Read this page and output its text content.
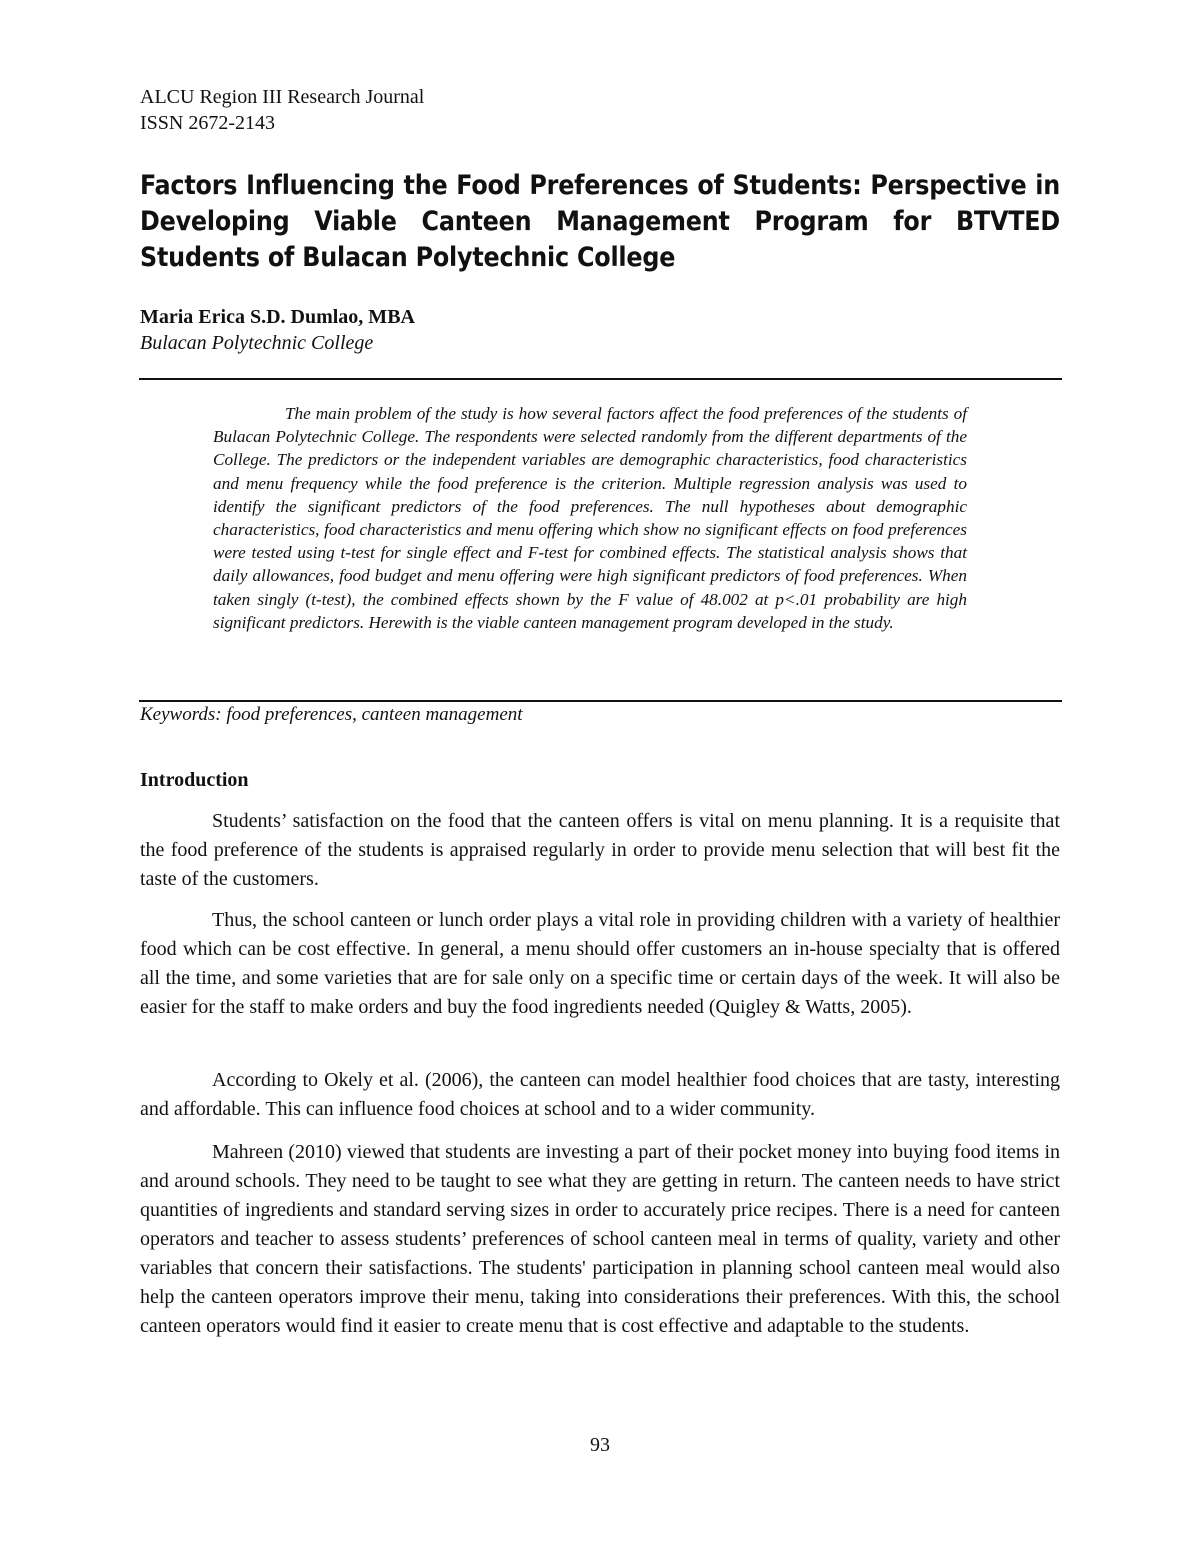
ALCU Region III Research Journal
ISSN 2672-2143
Factors Influencing the Food Preferences of Students: Perspective in Developing Viable Canteen Management Program for BTVTED Students of Bulacan Polytechnic College
Maria Erica S.D. Dumlao, MBA
Bulacan Polytechnic College

The main problem of the study is how several factors affect the food preferences of the students of Bulacan Polytechnic College. The respondents were selected randomly from the different departments of the College. The predictors or the independent variables are demographic characteristics, food characteristics and menu frequency while the food preference is the criterion. Multiple regression analysis was used to identify the significant predictors of the food preferences. The null hypotheses about demographic characteristics, food characteristics and menu offering which show no significant effects on food preferences were tested using t-test for single effect and F-test for combined effects. The statistical analysis shows that daily allowances, food budget and menu offering were high significant predictors of food preferences. When taken singly (t-test), the combined effects shown by the F value of 48.002 at p<.01 probability are high significant predictors. Herewith is the viable canteen management program developed in the study.

Keywords: food preferences, canteen management
Introduction

Students’ satisfaction on the food that the canteen offers is vital on menu planning. It is a requisite that the food preference of the students is appraised regularly in order to provide menu selection that will best fit the taste of the customers.

Thus, the school canteen or lunch order plays a vital role in providing children with a variety of healthier food which can be cost effective. In general, a menu should offer customers an in-house specialty that is offered all the time, and some varieties that are for sale only on a specific time or certain days of the week. It will also be easier for the staff to make orders and buy the food ingredients needed (Quigley & Watts, 2005).

According to Okely et al. (2006), the canteen can model healthier food choices that are tasty, interesting and affordable. This can influence food choices at school and to a wider community.

Mahreen (2010) viewed that students are investing a part of their pocket money into buying food items in and around schools. They need to be taught to see what they are getting in return. The canteen needs to have strict quantities of ingredients and standard serving sizes in order to accurately price recipes. There is a need for canteen operators and teacher to assess students’ preferences of school canteen meal in terms of quality, variety and other variables that concern their satisfactions. The students' participation in planning school canteen meal would also help the canteen operators improve their menu, taking into considerations their preferences. With this, the school canteen operators would find it easier to create menu that is cost effective and adaptable to the students.

93
